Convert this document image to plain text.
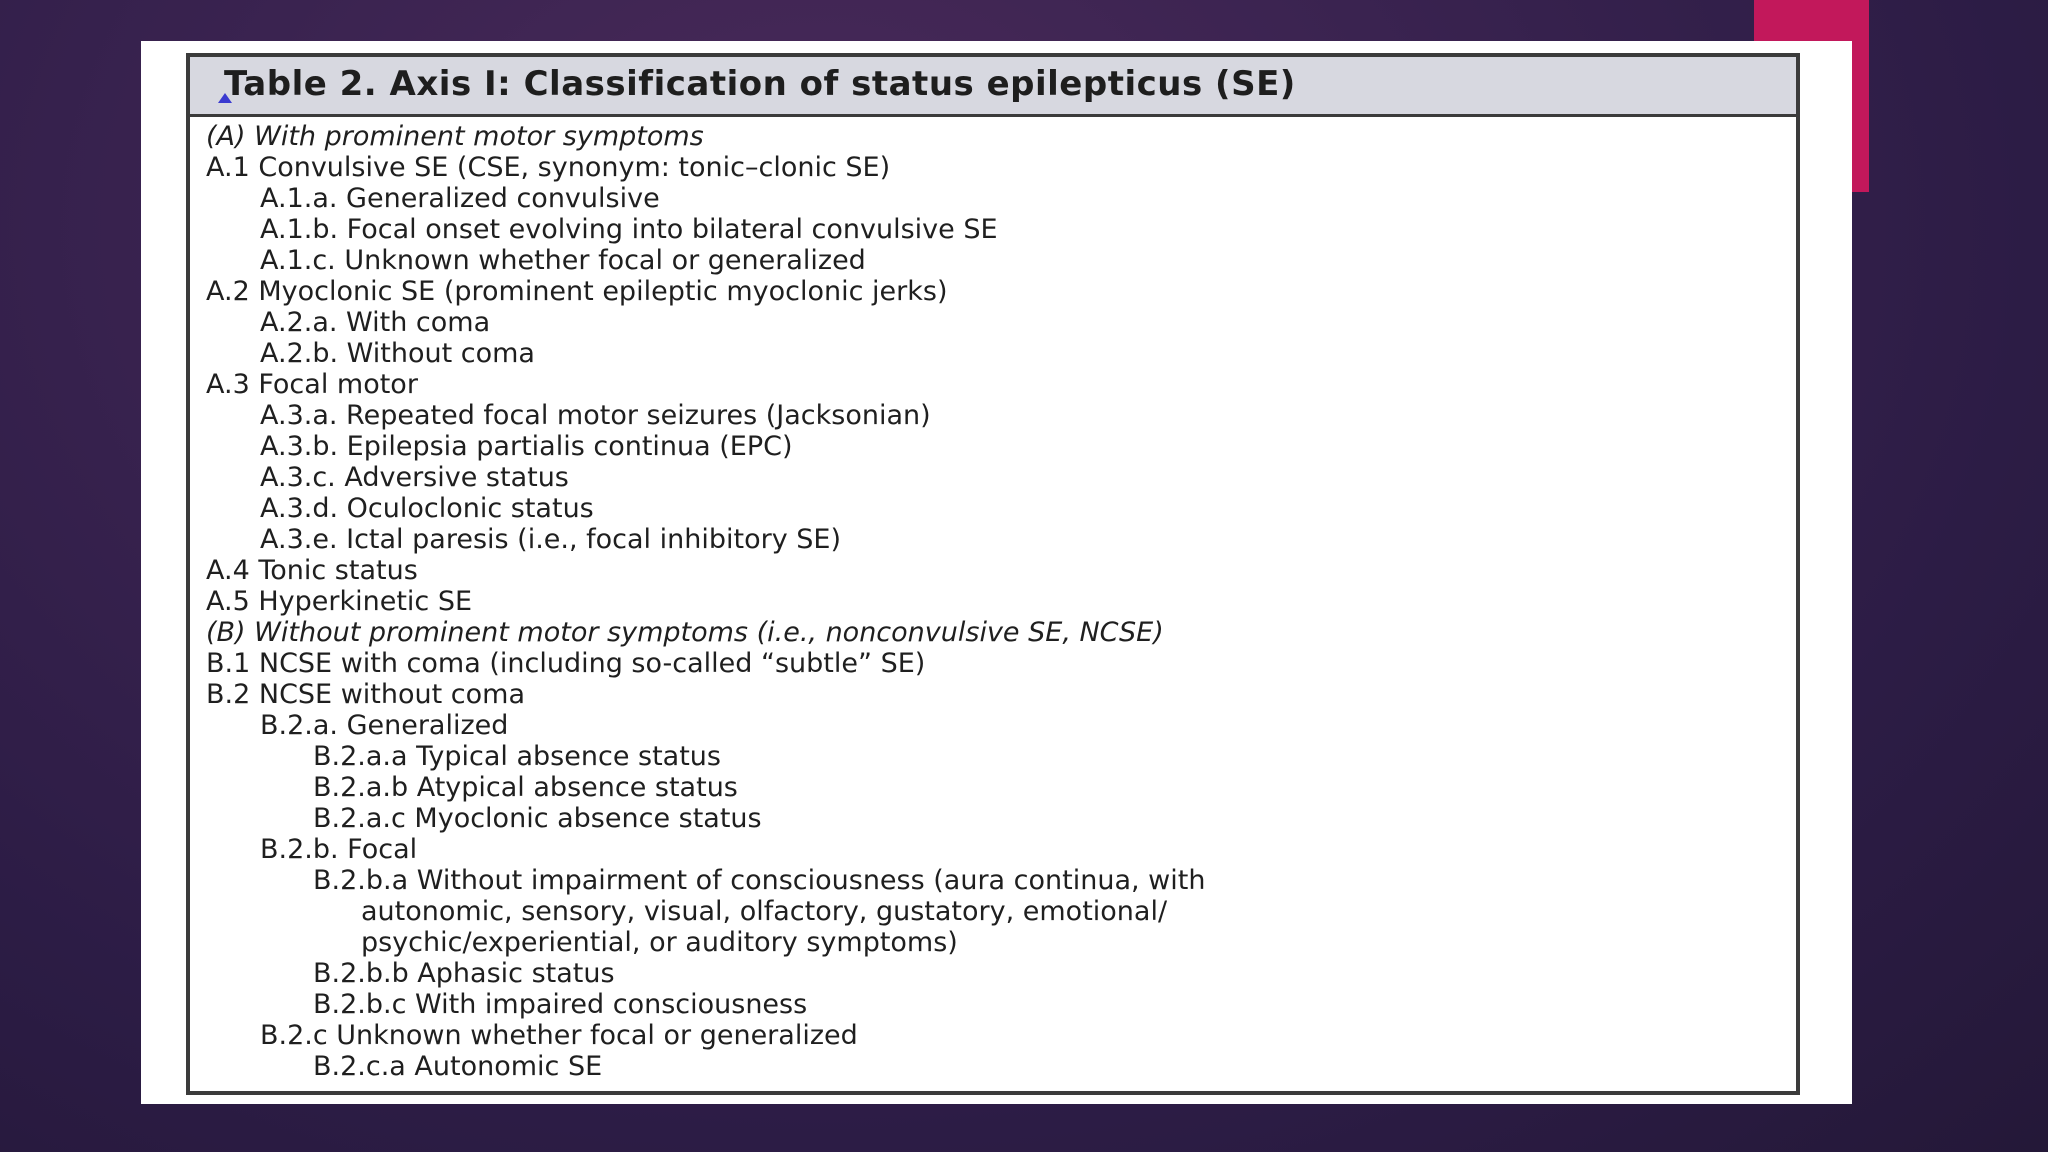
Table 2. Axis I: Classification of status epilepticus (SE)
(A) With prominent motor symptoms
A.1 Convulsive SE (CSE, synonym: tonic–clonic SE)
A.1.a. Generalized convulsive
A.1.b. Focal onset evolving into bilateral convulsive SE
A.1.c. Unknown whether focal or generalized
A.2 Myoclonic SE (prominent epileptic myoclonic jerks)
A.2.a. With coma
A.2.b. Without coma
A.3 Focal motor
A.3.a. Repeated focal motor seizures (Jacksonian)
A.3.b. Epilepsia partialis continua (EPC)
A.3.c. Adversive status
A.3.d. Oculoclonic status
A.3.e. Ictal paresis (i.e., focal inhibitory SE)
A.4 Tonic status
A.5 Hyperkinetic SE
(B) Without prominent motor symptoms (i.e., nonconvulsive SE, NCSE)
B.1 NCSE with coma (including so-called “subtle” SE)
B.2 NCSE without coma
B.2.a. Generalized
B.2.a.a Typical absence status
B.2.a.b Atypical absence status
B.2.a.c Myoclonic absence status
B.2.b. Focal
B.2.b.a Without impairment of consciousness (aura continua, with
autonomic, sensory, visual, olfactory, gustatory, emotional/
psychic/experiential, or auditory symptoms)
B.2.b.b Aphasic status
B.2.b.c With impaired consciousness
B.2.c Unknown whether focal or generalized
B.2.c.a Autonomic SE
